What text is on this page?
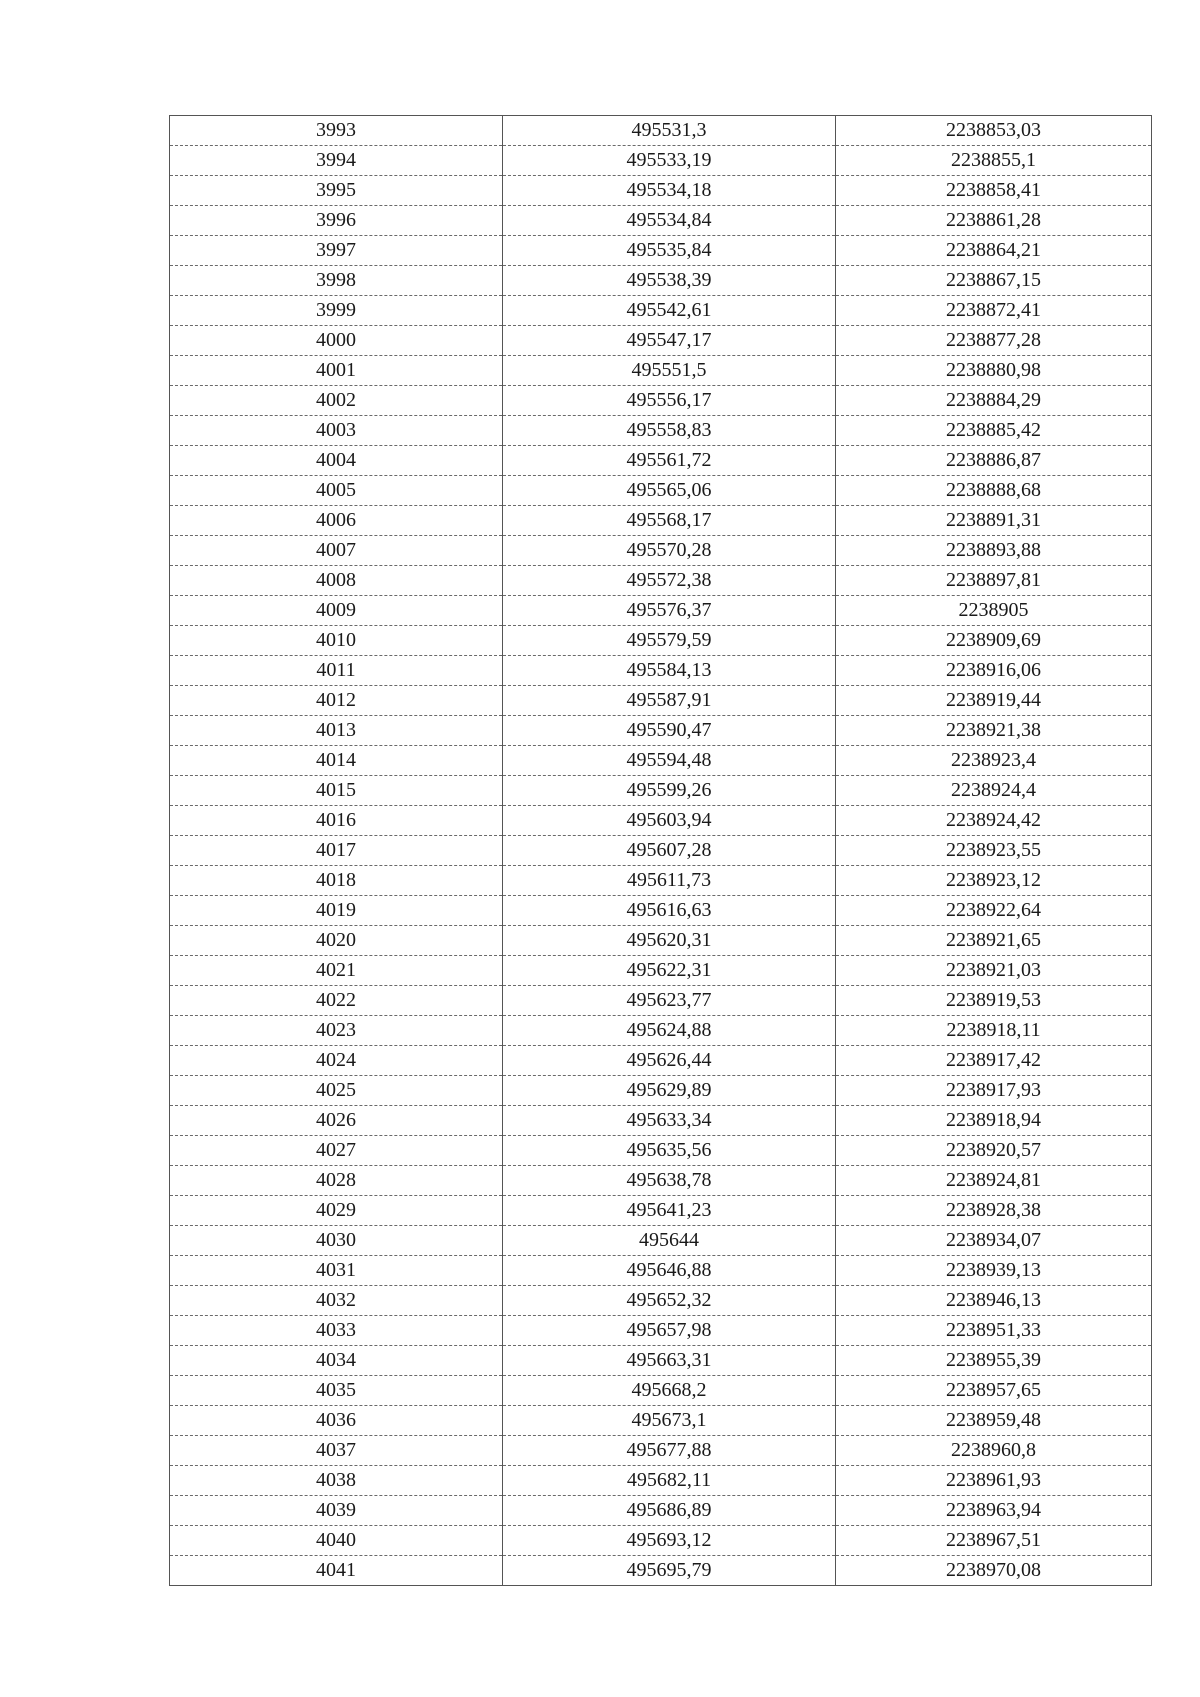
3993	495531,3	2238853,03
3994	495533,19	2238855,1
3995	495534,18	2238858,41
3996	495534,84	2238861,28
3997	495535,84	2238864,21
3998	495538,39	2238867,15
3999	495542,61	2238872,41
4000	495547,17	2238877,28
4001	495551,5	2238880,98
4002	495556,17	2238884,29
4003	495558,83	2238885,42
4004	495561,72	2238886,87
4005	495565,06	2238888,68
4006	495568,17	2238891,31
4007	495570,28	2238893,88
4008	495572,38	2238897,81
4009	495576,37	2238905
4010	495579,59	2238909,69
4011	495584,13	2238916,06
4012	495587,91	2238919,44
4013	495590,47	2238921,38
4014	495594,48	2238923,4
4015	495599,26	2238924,4
4016	495603,94	2238924,42
4017	495607,28	2238923,55
4018	495611,73	2238923,12
4019	495616,63	2238922,64
4020	495620,31	2238921,65
4021	495622,31	2238921,03
4022	495623,77	2238919,53
4023	495624,88	2238918,11
4024	495626,44	2238917,42
4025	495629,89	2238917,93
4026	495633,34	2238918,94
4027	495635,56	2238920,57
4028	495638,78	2238924,81
4029	495641,23	2238928,38
4030	495644	2238934,07
4031	495646,88	2238939,13
4032	495652,32	2238946,13
4033	495657,98	2238951,33
4034	495663,31	2238955,39
4035	495668,2	2238957,65
4036	495673,1	2238959,48
4037	495677,88	2238960,8
4038	495682,11	2238961,93
4039	495686,89	2238963,94
4040	495693,12	2238967,51
4041	495695,79	2238970,08
